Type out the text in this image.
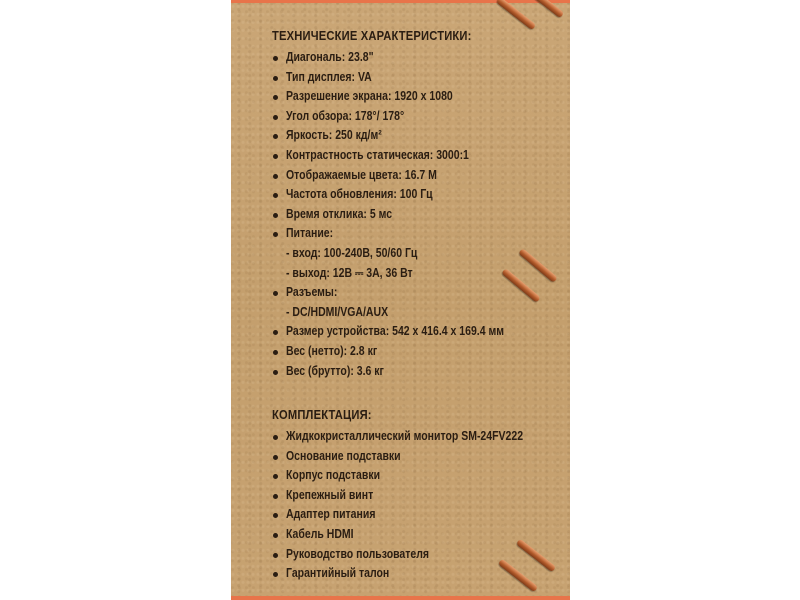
ТЕХНИЧЕСКИЕ ХАРАКТЕРИСТИКИ:
Диагональ: 23.8"
Тип дисплея: VA
Разрешение экрана: 1920 x 1080
Угол обзора: 178°/ 178°
Яркость: 250 кд/м²
Контрастность статическая: 3000:1
Отображаемые цвета: 16.7 M
Частота обновления: 100 Гц
Время отклика: 5 мс
Питание:
- вход: 100-240В, 50/60 Гц
- выход: 12В ⎓ 3А, 36 Вт
Разъемы:
- DC/HDMI/VGA/AUX
Размер устройства: 542 x 416.4 x 169.4 мм
Вес (нетто): 2.8 кг
Вес (брутто): 3.6 кг
КОМПЛЕКТАЦИЯ:
Жидкокристаллический монитор SM-24FV222
Основание подставки
Корпус подставки
Крепежный винт
Адаптер питания
Кабель HDMI
Руководство пользователя
Гарантийный талон
